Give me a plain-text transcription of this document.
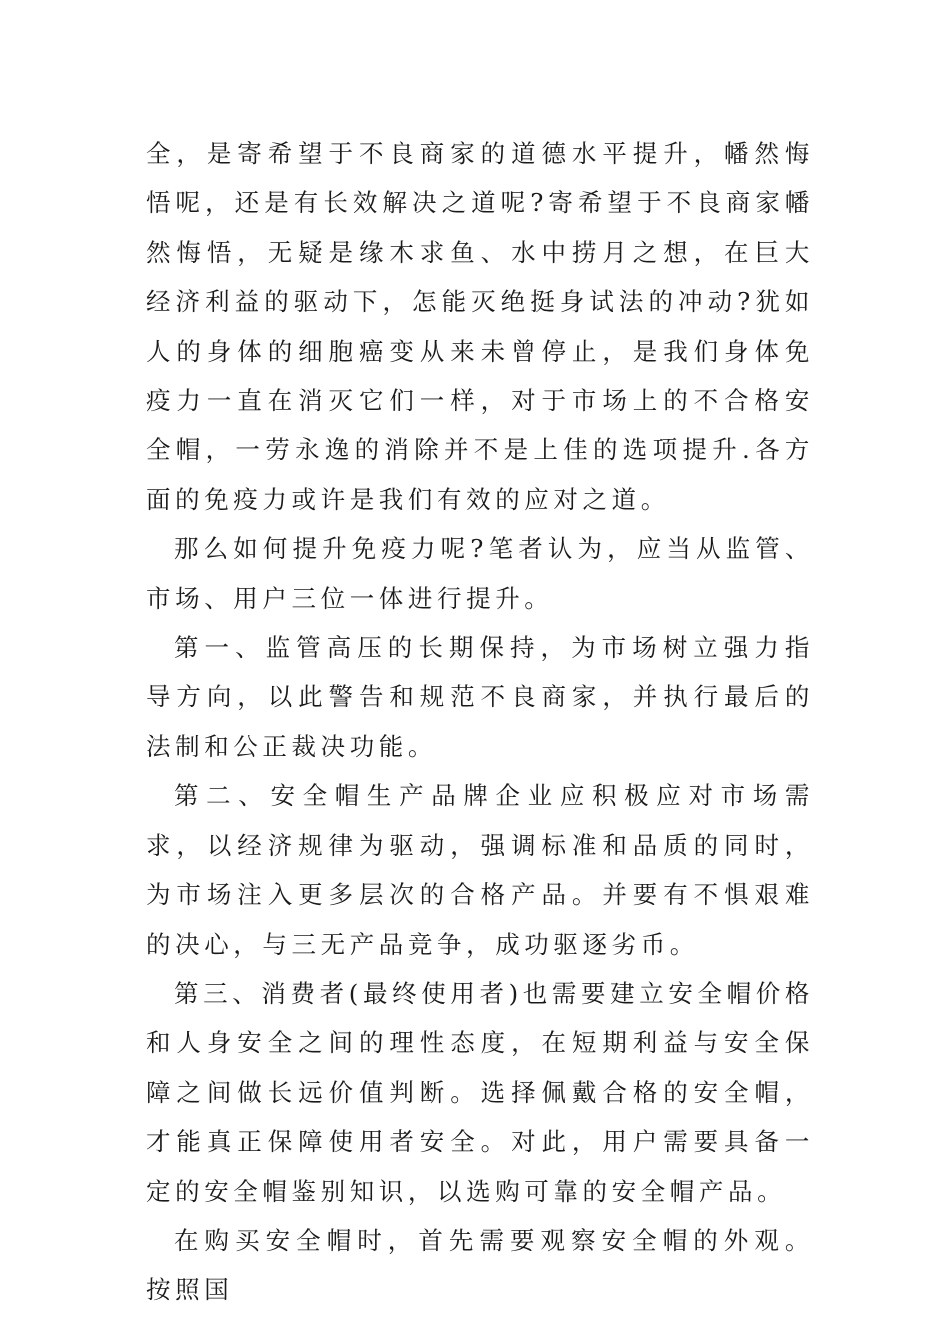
全，是寄希望于不良商家的道德水平提升，幡然悔悟呢，还是有长效解决之道呢?寄希望于不良商家幡然悔悟，无疑是缘木求鱼、水中捞月之想，在巨大经济利益的驱动下，怎能灭绝挺身试法的冲动?犹如人的身体的细胞癌变从来未曾停止，是我们身体免疫力一直在消灭它们一样，对于市场上的不合格安全帽，一劳永逸的消除并不是上佳的选项提升.各方面的免疫力或许是我们有效的应对之道。

那么如何提升免疫力呢?笔者认为，应当从监管、市场、用户三位一体进行提升。

第一、监管高压的长期保持，为市场树立强力指导方向，以此警告和规范不良商家，并执行最后的法制和公正裁决功能。

第二、安全帽生产品牌企业应积极应对市场需求，以经济规律为驱动，强调标准和品质的同时，为市场注入更多层次的合格产品。并要有不惧艰难的决心，与三无产品竞争，成功驱逐劣币。

第三、消费者(最终使用者)也需要建立安全帽价格和人身安全之间的理性态度，在短期利益与安全保障之间做长远价值判断。选择佩戴合格的安全帽，才能真正保障使用者安全。对此，用户需要具备一定的安全帽鉴别知识，以选购可靠的安全帽产品。

在购买安全帽时，首先需要观察安全帽的外观。按照国
